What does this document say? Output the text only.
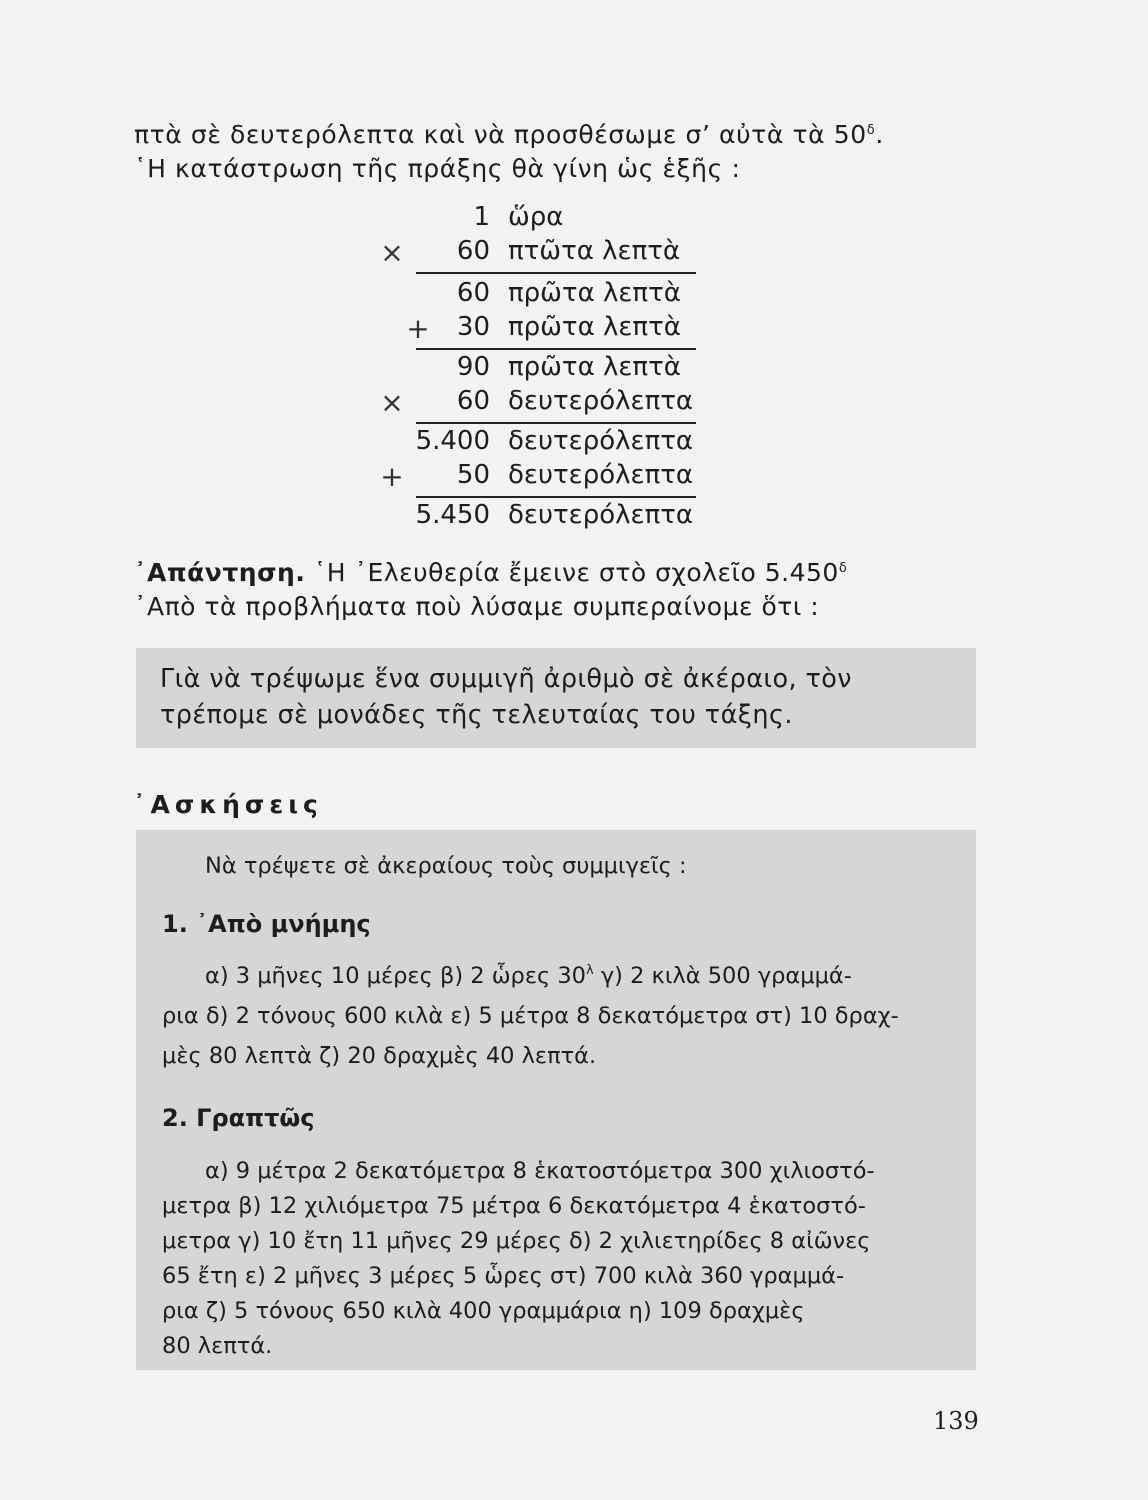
πτὰ σὲ δευτερόλεπτα καὶ νὰ προσθέσωμε σ’ αὐτὰ τὰ $50^\delta$.
῾Η κατάστρωση τῆς πράξης θὰ γίνη ὡς ἑξῆς :
1 ὥρα
×	60 πτῶτα λεπτὰ
60 πρῶτα λεπτὰ
+	30 πρῶτα λεπτὰ
90 πρῶτα λεπτὰ
×	60 δευτερόλεπτα
5.400 δευτερόλεπτα
+	50 δευτερόλεπτα
5.450 δευτερόλεπτα
᾿Απάντηση. ῾Η ᾿Ελευθερία ἔμεινε στὸ σχολεῖο $5.450^\delta$
᾿Απὸ τὰ προβλήματα ποὺ λύσαμε συμπεραίνομε ὅτι :
Γιὰ νὰ τρέψωμε ἕνα συμμιγῆ ἀριθμὸ σὲ ἀκέραιο, τὸν
τρέπομε σὲ μονάδες τῆς τελευταίας του τάξης.
᾿Ασκήσεις
Νὰ τρέψετε σὲ ἀκεραίους τοὺς συμμιγεῖς :
1. ᾿Απὸ μνήμης
α) 3 μῆνες 10 μέρες β) 2 ὧρες $30^\lambda$ γ) 2 κιλὰ 500 γραμμά-
ρια δ) 2 τόνους 600 κιλὰ ε) 5 μέτρα 8 δεκατόμετρα στ) 10 δραχ-
μὲς 80 λεπτὰ ζ) 20 δραχμὲς 40 λεπτά.
2. Γραπτῶς
α) 9 μέτρα 2 δεκατόμετρα 8 ἑκατοστόμετρα 300 χιλιοστό-
μετρα β) 12 χιλιόμετρα 75 μέτρα 6 δεκατόμετρα 4 ἑκατοστό-
μετρα γ) 10 ἔτη 11 μῆνες 29 μέρες δ) 2 χιλιετηρίδες 8 αἰῶνες
65 ἔτη ε) 2 μῆνες 3 μέρες 5 ὧρες στ) 700 κιλὰ 360 γραμμά-
ρια ζ) 5 τόνους 650 κιλὰ 400 γραμμάρια η) 109 δραχμὲς
80 λεπτά.
139
